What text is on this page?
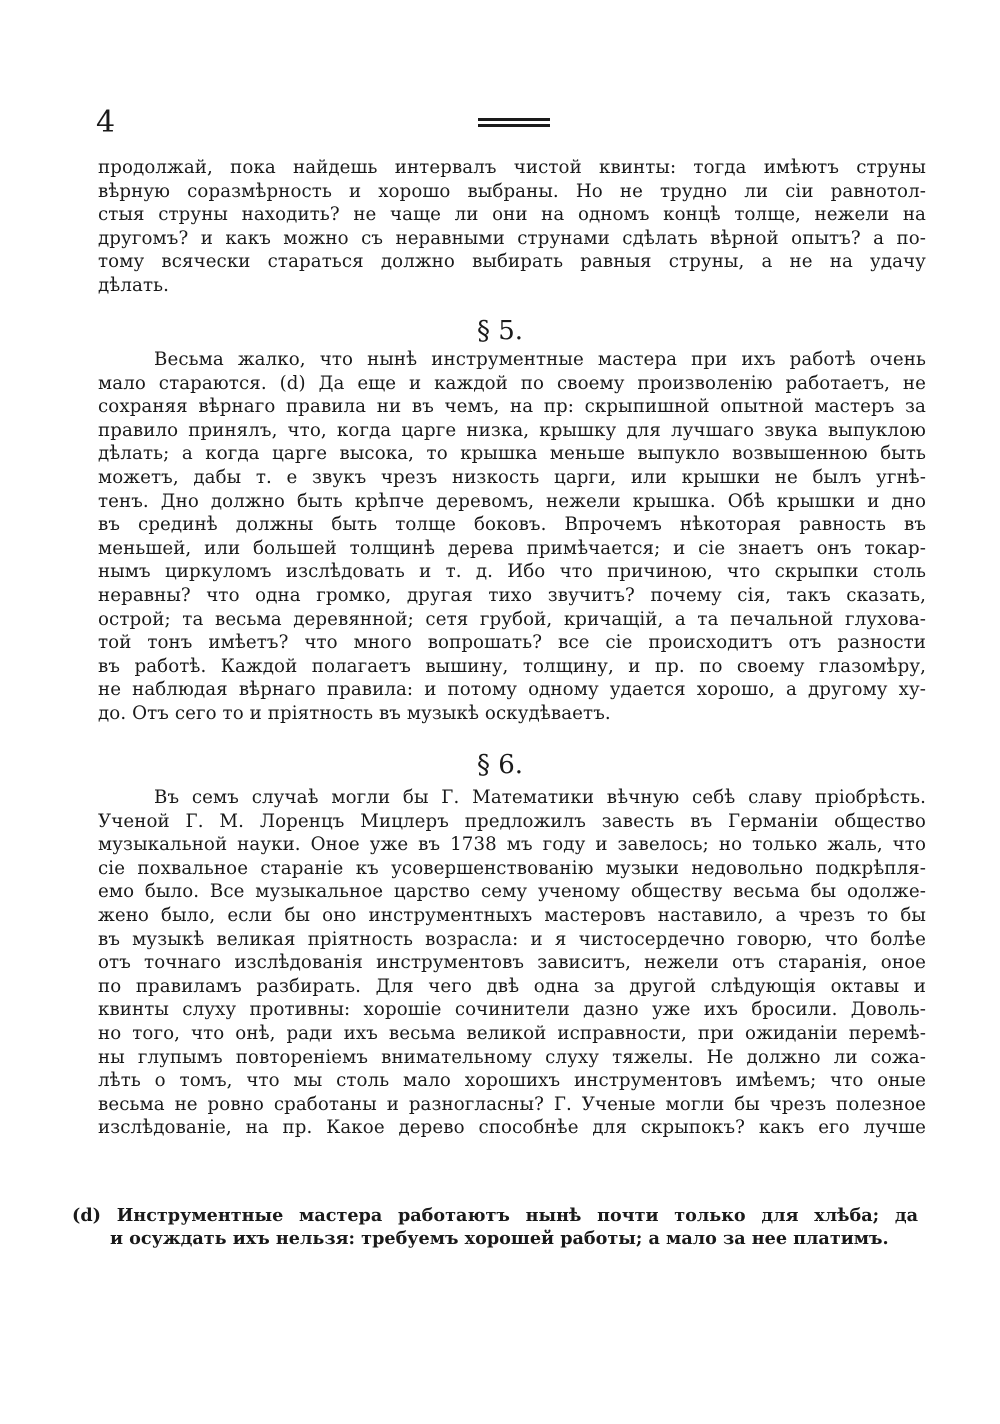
4
продолжай, пока найдешь интервалъ чистой квинты: тогда имѣютъ струны
вѣрную соразмѣрность и хорошо выбраны. Но не трудно ли сіи равнотол-
стыя струны находить? не чаще ли они на одномъ концѣ толще, нежели на
другомъ? и какъ можно съ неравными струнами сдѣлать вѣрной опытъ? а по-
тому всячески стараться должно выбирать равныя струны, а не на удачу
дѣлать.
§ 5.
Весьма жалко, что нынѣ инструментные мастера при ихъ работѣ очень
мало стараются. (d) Да еще и каждой по своему произволенію работаетъ, не
сохраняя вѣрнаго правила ни въ чемъ, на пр: скрыпишной опытной мастеръ за
правило принялъ, что, когда царге низка, крышку для лучшаго звука выпуклою
дѣлать; а когда царге высока, то крышка меньше выпукло возвышенною быть
можетъ, дабы т. е звукъ чрезъ низкость царги, или крышки не былъ угнѣ-
тенъ. Дно должно быть крѣпче деревомъ, нежели крышка. Обѣ крышки и дно
въ срединѣ должны быть толще боковъ. Впрочемъ нѣкоторая равность въ
меньшей, или большей толщинѣ дерева примѣчается; и сіе знаетъ онъ токар-
нымъ циркуломъ изслѣдовать и т. д. Ибо что причиною, что скрыпки столь
неравны? что одна громко, другая тихо звучитъ? почему сія, такъ сказать,
острой; та весьма деревянной; сетя грубой, кричащій, а та печальной глухова-
той тонъ имѣетъ? что много вопрошать? все сіе происходитъ отъ разности
въ работѣ. Каждой полагаетъ вышину, толщину, и пр. по своему глазомѣру,
не наблюдая вѣрнаго правила: и потому одному удается хорошо, а другому ху-
до. Отъ сего то и пріятность въ музыкѣ оскудѣваетъ.
§ 6.
Въ семъ случаѣ могли бы Г. Математики вѣчную себѣ славу пріобрѣсть.
Ученой Г. М. Лоренцъ Мицлеръ предложилъ завесть въ Германіи общество
музыкальной науки. Оное уже въ 1738 мъ году и завелось; но только жаль, что
сіе похвальное стараніе къ усовершенствованію музыки недовольно подкрѣпля-
емо было. Все музыкальное царство сему ученому обществу весьма бы одолже-
жено было, если бы оно инструментныхъ мастеровъ наставило, а чрезъ то бы
въ музыкѣ великая пріятность возрасла: и я чистосердечно говорю, что болѣе
отъ точнаго изслѣдованія инструментовъ зависитъ, нежели отъ старанія, оное
по правиламъ разбирать. Для чего двѣ одна за другой слѣдующія октавы и
квинты слуху противны: хорошіе сочинители дазно уже ихъ бросили. Доволь-
но того, что онѣ, ради ихъ весьма великой исправности, при ожиданіи перемѣ-
ны глупымъ повтореніемъ внимательному слуху тяжелы. Не должно ли сожа-
лѣть о томъ, что мы столь мало хорошихъ инструментовъ имѣемъ; что оные
весьма не ровно сработаны и разногласны? Г. Ученые могли бы чрезъ полезное
изслѣдованіе, на пр. Какое дерево способнѣе для скрыпокъ? какъ его лучше
(d) Инструментные мастера работаютъ нынѣ почти только для хлѣба; да
и осуждать ихъ нельзя: требуемъ хорошей работы; а мало за нее платимъ.
